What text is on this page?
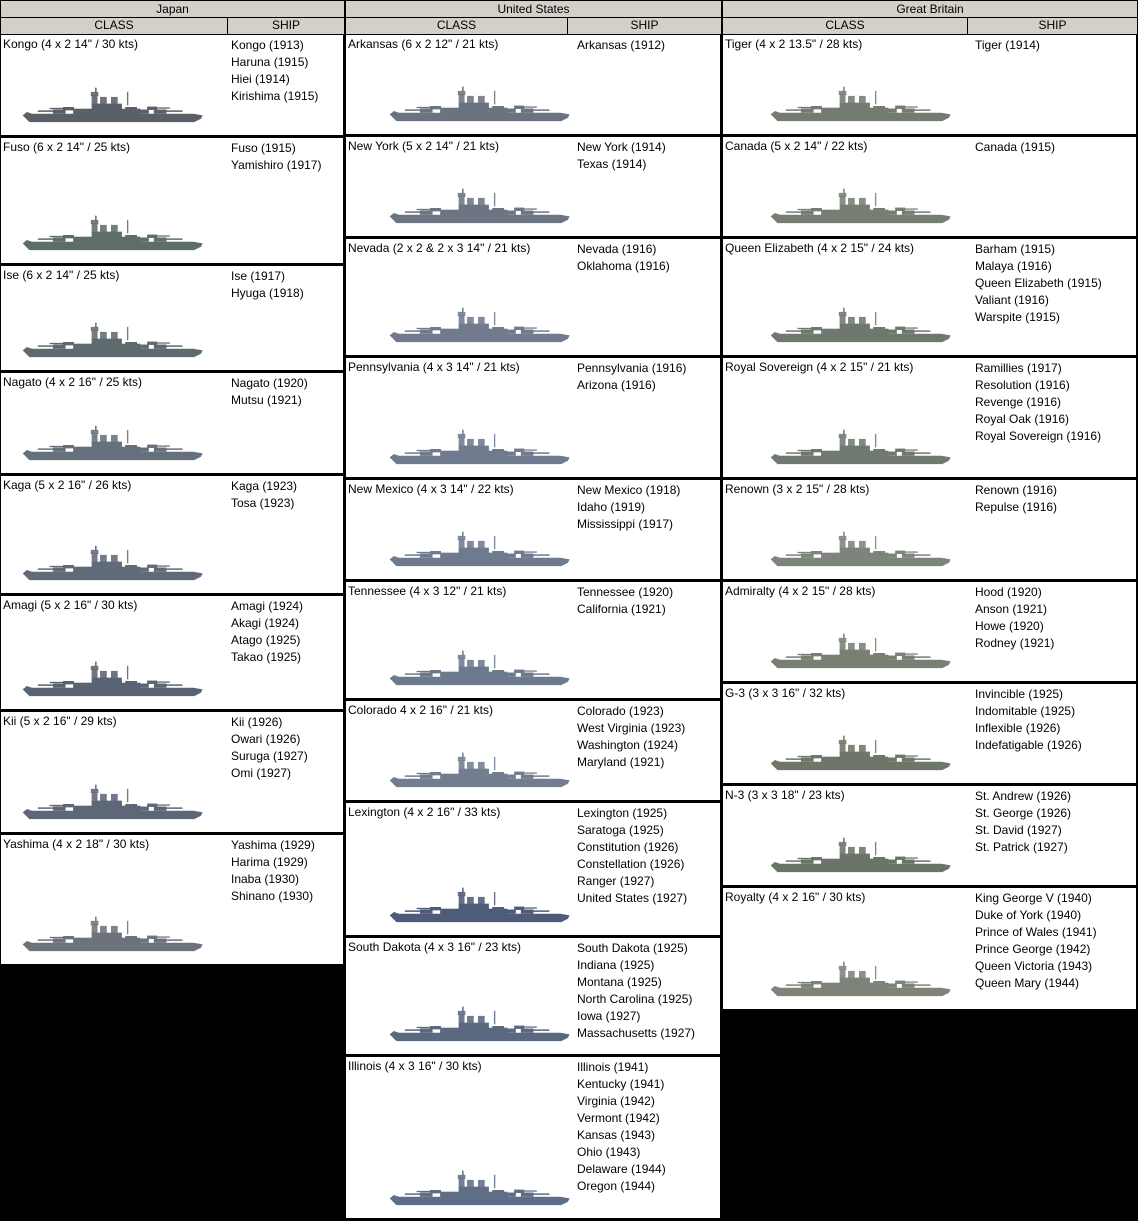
Japan
CLASS	SHIP
Kongo (4 x 2 14" / 30 kts)	Kongo (1913)
Haruna (1915)
Hiei (1914)
Kirishima (1915)
Fuso (6 x 2 14" / 25 kts)	Fuso (1915)
Yamishiro (1917)
Ise (6 x 2 14" / 25 kts)	Ise (1917)
Hyuga (1918)
Nagato (4 x 2 16" / 25 kts)	Nagato (1920)
Mutsu (1921)
Kaga (5 x 2 16" / 26 kts)	Kaga (1923)
Tosa (1923)
Amagi (5 x 2 16" / 30 kts)	Amagi (1924)
Akagi (1924)
Atago (1925)
Takao (1925)
Kii (5 x 2 16" / 29 kts)	Kii (1926)
Owari (1926)
Suruga (1927)
Omi (1927)
Yashima (4 x 2 18" / 30 kts)	Yashima (1929)
Harima (1929)
Inaba (1930)
Shinano (1930)
United States
CLASS	SHIP
Arkansas (6 x 2 12" / 21 kts)	Arkansas (1912)
New York (5 x 2 14" / 21 kts)	New York (1914)
Texas (1914)
Nevada (2 x 2 & 2 x 3 14" / 21 kts)	Nevada (1916)
Oklahoma (1916)
Pennsylvania (4 x 3 14" / 21 kts)	Pennsylvania (1916)
Arizona (1916)
New Mexico (4 x 3 14" / 22 kts)	New Mexico (1918)
Idaho (1919)
Mississippi (1917)
Tennessee (4 x 3 12" / 21 kts)	Tennessee (1920)
California (1921)
Colorado 4 x 2 16" / 21 kts)	Colorado (1923)
West Virginia (1923)
Washington (1924)
Maryland (1921)
Lexington (4 x 2 16" / 33 kts)	Lexington (1925)
Saratoga (1925)
Constitution (1926)
Constellation (1926)
Ranger (1927)
United States (1927)
South Dakota (4 x 3 16" / 23 kts)	South Dakota (1925)
Indiana (1925)
Montana (1925)
North Carolina (1925)
Iowa (1927)
Massachusetts (1927)
Illinois (4 x 3 16" / 30 kts)	Illinois (1941)
Kentucky (1941)
Virginia (1942)
Vermont (1942)
Kansas (1943)
Ohio (1943)
Delaware (1944)
Oregon (1944)
Great Britain
CLASS	SHIP
Tiger (4 x 2 13.5" / 28 kts)	Tiger (1914)
Canada (5 x 2 14" / 22 kts)	Canada (1915)
Queen Elizabeth (4 x 2 15" / 24 kts)	Barham (1915)
Malaya (1916)
Queen Elizabeth (1915)
Valiant (1916)
Warspite (1915)
Royal Sovereign (4 x 2 15" / 21 kts)	Ramillies (1917)
Resolution (1916)
Revenge (1916)
Royal Oak (1916)
Royal Sovereign (1916)
Renown (3 x 2 15" / 28 kts)	Renown (1916)
Repulse (1916)
Admiralty (4 x 2 15" / 28 kts)	Hood (1920)
Anson (1921)
Howe (1920)
Rodney (1921)
G-3 (3 x 3 16" / 32 kts)	Invincible (1925)
Indomitable (1925)
Inflexible (1926)
Indefatigable (1926)
N-3 (3 x 3 18" / 23 kts)	St. Andrew (1926)
St. George (1926)
St. David (1927)
St. Patrick (1927)
Royalty (4 x 2 16" / 30 kts)	King George V (1940)
Duke of York (1940)
Prince of Wales (1941)
Prince George (1942)
Queen Victoria (1943)
Queen Mary (1944)
